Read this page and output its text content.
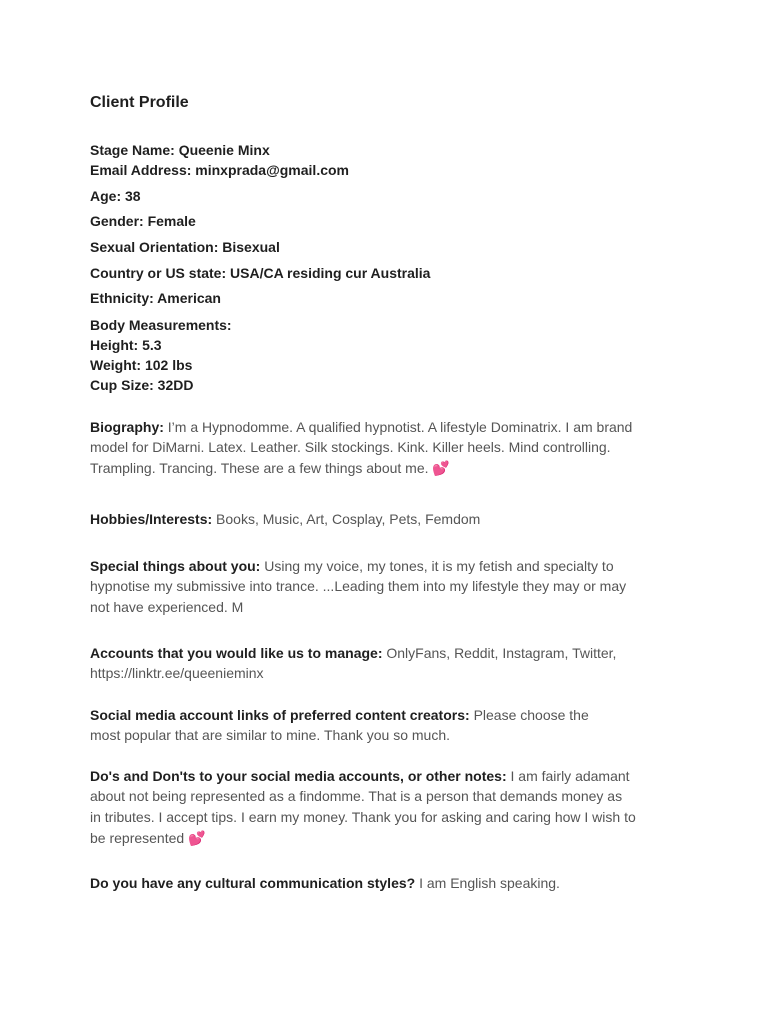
Client Profile
Stage Name: Queenie Minx
Email Address: minxprada@gmail.com
Age: 38
Gender: Female
Sexual Orientation: Bisexual
Country or US state: USA/CA residing cur Australia
Ethnicity: American
Body Measurements:
Height: 5.3
Weight: 102 lbs
Cup Size: 32DD
Biography: I’m a Hypnodomme. A qualified hypnotist. A lifestyle Dominatrix. I am brand
model for DiMarni. Latex. Leather. Silk stockings. Kink. Killer heels. Mind controlling.
Trampling. Trancing. These are a few things about me. 💕
Hobbies/Interests: Books, Music, Art, Cosplay, Pets, Femdom
Special things about you: Using my voice, my tones, it is my fetish and specialty to
hypnotise my submissive into trance. ...Leading them into my lifestyle they may or may
not have experienced. M
Accounts that you would like us to manage: OnlyFans, Reddit, Instagram, Twitter,
https://linktr.ee/queenieminx
Social media account links of preferred content creators: Please choose the
most popular that are similar to mine. Thank you so much.
Do's and Don'ts to your social media accounts, or other notes: I am fairly adamant
about not being represented as a findomme. That is a person that demands money as
in tributes. I accept tips. I earn my money. Thank you for asking and caring how I wish to
be represented 💕
Do you have any cultural communication styles? I am English speaking.
